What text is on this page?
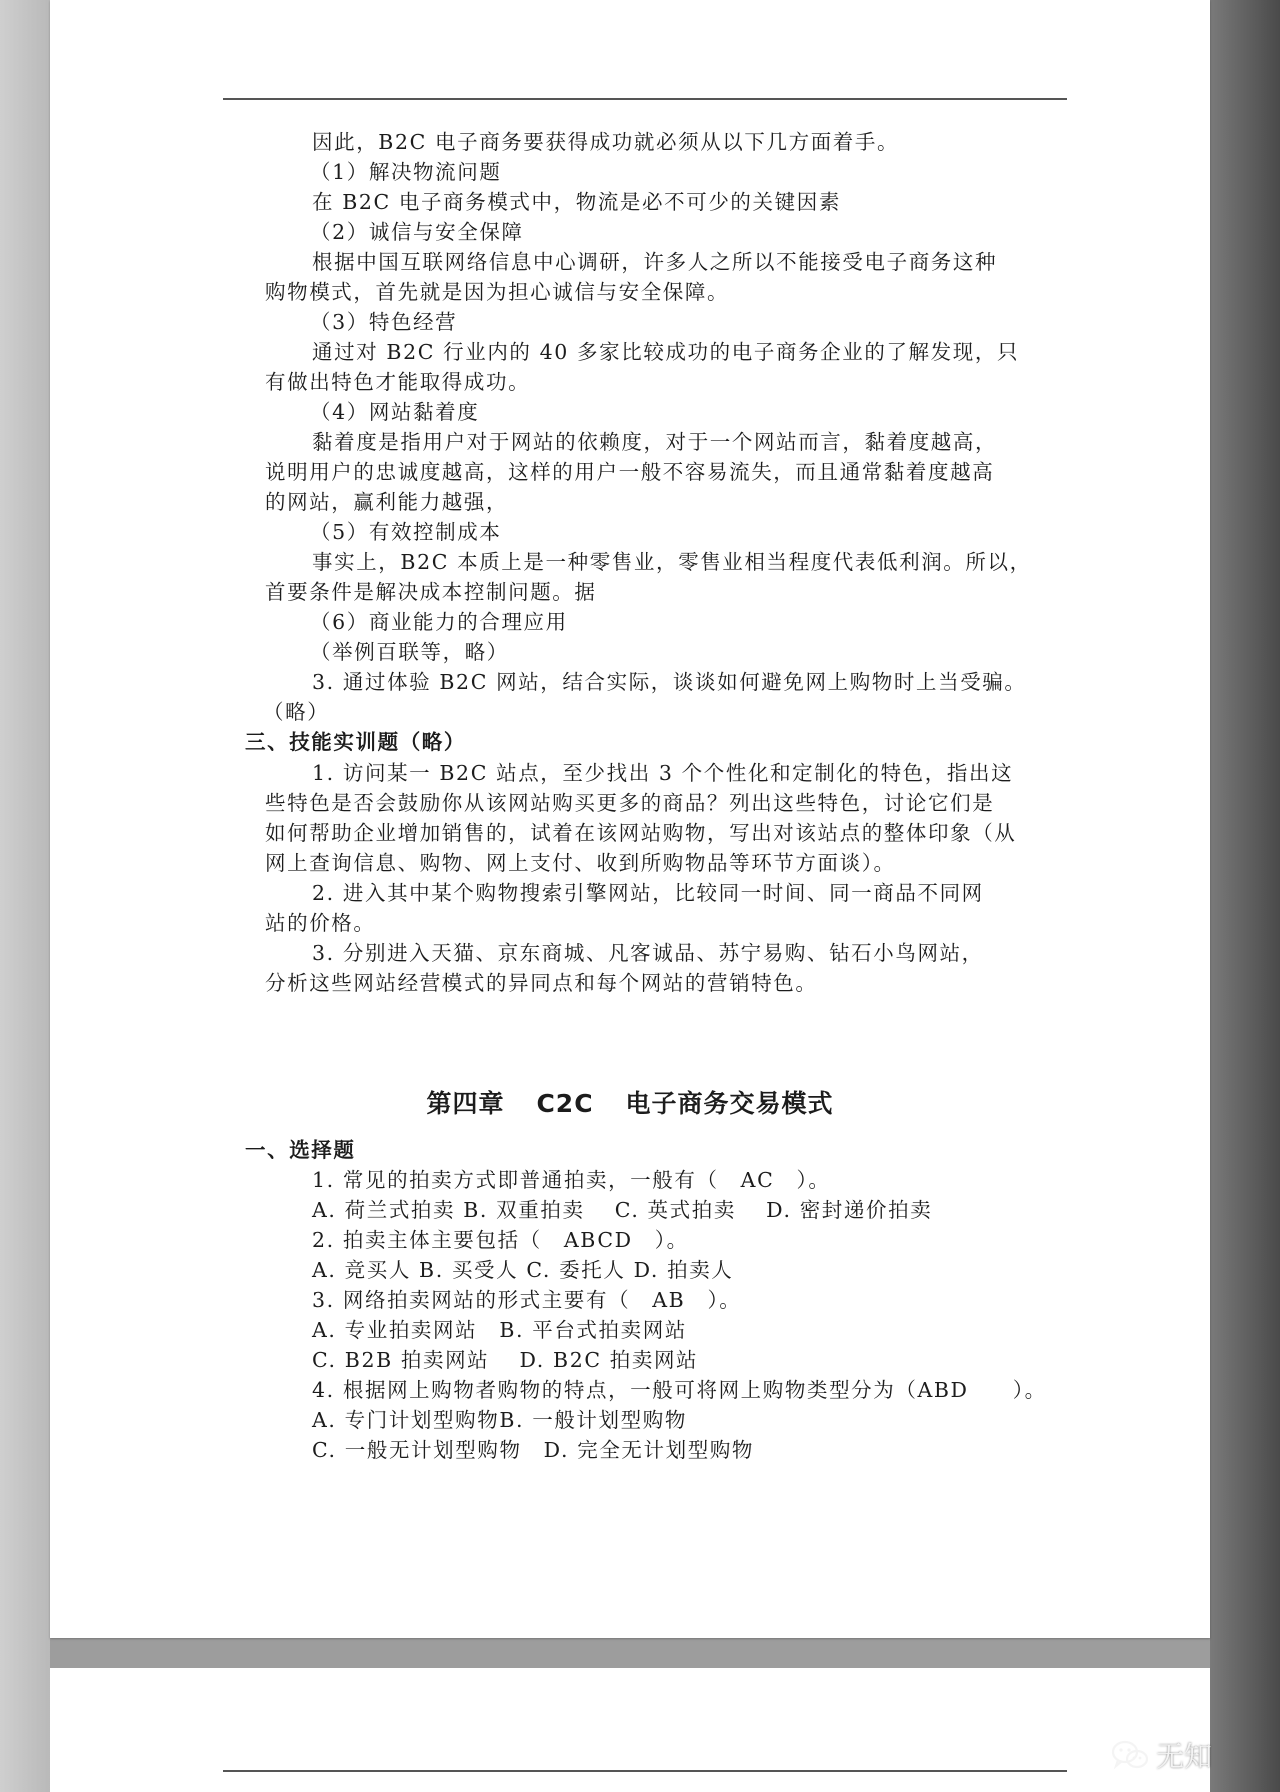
因此，B2C 电子商务要获得成功就必须从以下几方面着手。
（1）解决物流问题
在 B2C 电子商务模式中，物流是必不可少的关键因素
（2）诚信与安全保障
根据中国互联网络信息中心调研，许多人之所以不能接受电子商务这种
购物模式，首先就是因为担心诚信与安全保障。
（3）特色经营
通过对 B2C 行业内的 40 多家比较成功的电子商务企业的了解发现，只
有做出特色才能取得成功。
（4）网站黏着度
黏着度是指用户对于网站的依赖度，对于一个网站而言，黏着度越高，
说明用户的忠诚度越高，这样的用户一般不容易流失，而且通常黏着度越高
的网站，赢利能力越强，
（5）有效控制成本
事实上，B2C 本质上是一种零售业，零售业相当程度代表低利润。所以，
首要条件是解决成本控制问题。据
（6）商业能力的合理应用
（举例百联等，略）
3. 通过体验 B2C 网站，结合实际，谈谈如何避免网上购物时上当受骗。
（略）
三、技能实训题（略）
1. 访问某一 B2C 站点，至少找出 3 个个性化和定制化的特色，指出这
些特色是否会鼓励你从该网站购买更多的商品？列出这些特色，讨论它们是
如何帮助企业增加销售的，试着在该网站购物，写出对该站点的整体印象（从
网上查询信息、购物、网上支付、收到所购物品等环节方面谈）。
2. 进入其中某个购物搜索引擎网站，比较同一时间、同一商品不同网
站的价格。
3. 分别进入天猫、京东商城、凡客诚品、苏宁易购、钻石小鸟网站，
分析这些网站经营模式的异同点和每个网站的营销特色。
第四章 C2C 电子商务交易模式
一、选择题
1. 常见的拍卖方式即普通拍卖，一般有（　AC　）。
A. 荷兰式拍卖 B. 双重拍卖　 C. 英式拍卖　 D. 密封递价拍卖
2. 拍卖主体主要包括（　ABCD　）。
A. 竞买人 B. 买受人 C. 委托人 D. 拍卖人
3. 网络拍卖网站的形式主要有（　AB　）。
A. 专业拍卖网站　B. 平台式拍卖网站
C. B2B 拍卖网站　 D. B2C 拍卖网站
4. 根据网上购物者购物的特点，一般可将网上购物类型分为（ABD　　）。
A. 专门计划型购物B. 一般计划型购物
C. 一般无计划型购物　D. 完全无计划型购物
无知
